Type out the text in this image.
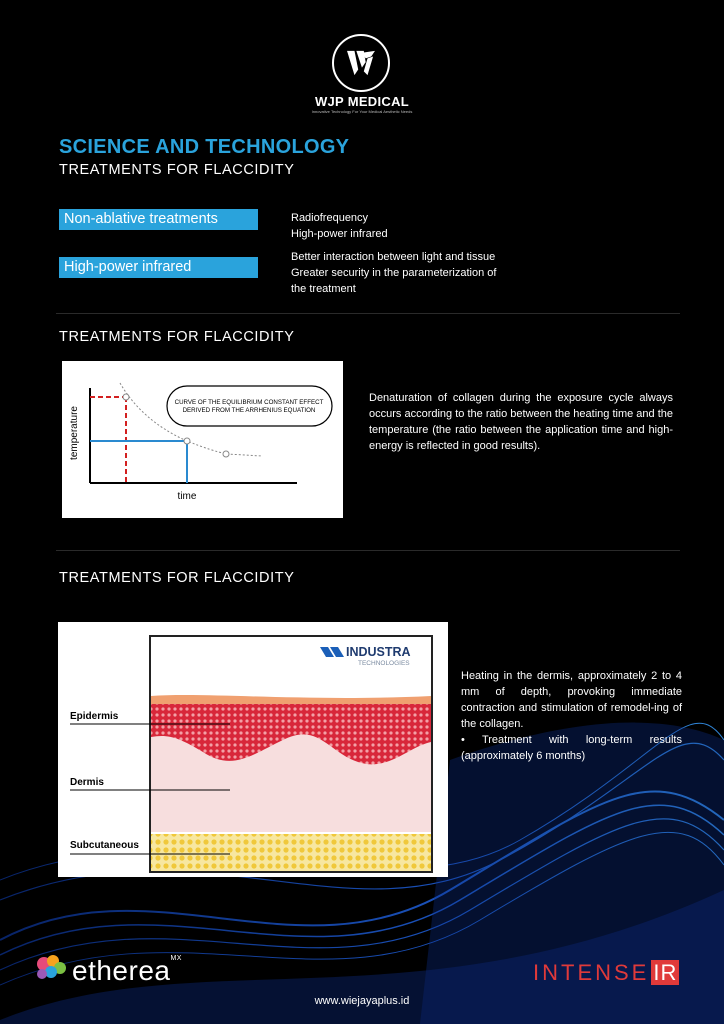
WJP MEDICAL
Innovative Technology For Your Medical Aesthetic Needs
SCIENCE AND TECHNOLOGY
TREATMENTS FOR FLACCIDITY
Non-ablative treatments	Radiofrequency
High-power infrared
High-power infrared
Better interaction between light and tissue
Greater security in the parameterization of
the treatment
TREATMENTS FOR FLACCIDITY
CURVE OF THE EQUILIBRIUM CONSTANT EFFECT
DERIVED FROM THE ARRHENIUS EQUATION
temperature
time
Denaturation of collagen during the exposure cycle always occurs according to the ratio between the heating time and the temperature (the ratio between the application time and high-energy is reflected in good results).
TREATMENTS FOR FLACCIDITY
INDUSTRA
TECHNOLOGIES
Epidermis
Dermis
Subcutaneous
Heating in the dermis, approximately 2 to 4 mm of depth, provoking immediate contraction and stimulation of remodel-ing of the collagen.
• Treatment with long-term results (approximately 6 months)
etherea$^{MX}$
INTENSE IR
www.wiejayaplus.id
